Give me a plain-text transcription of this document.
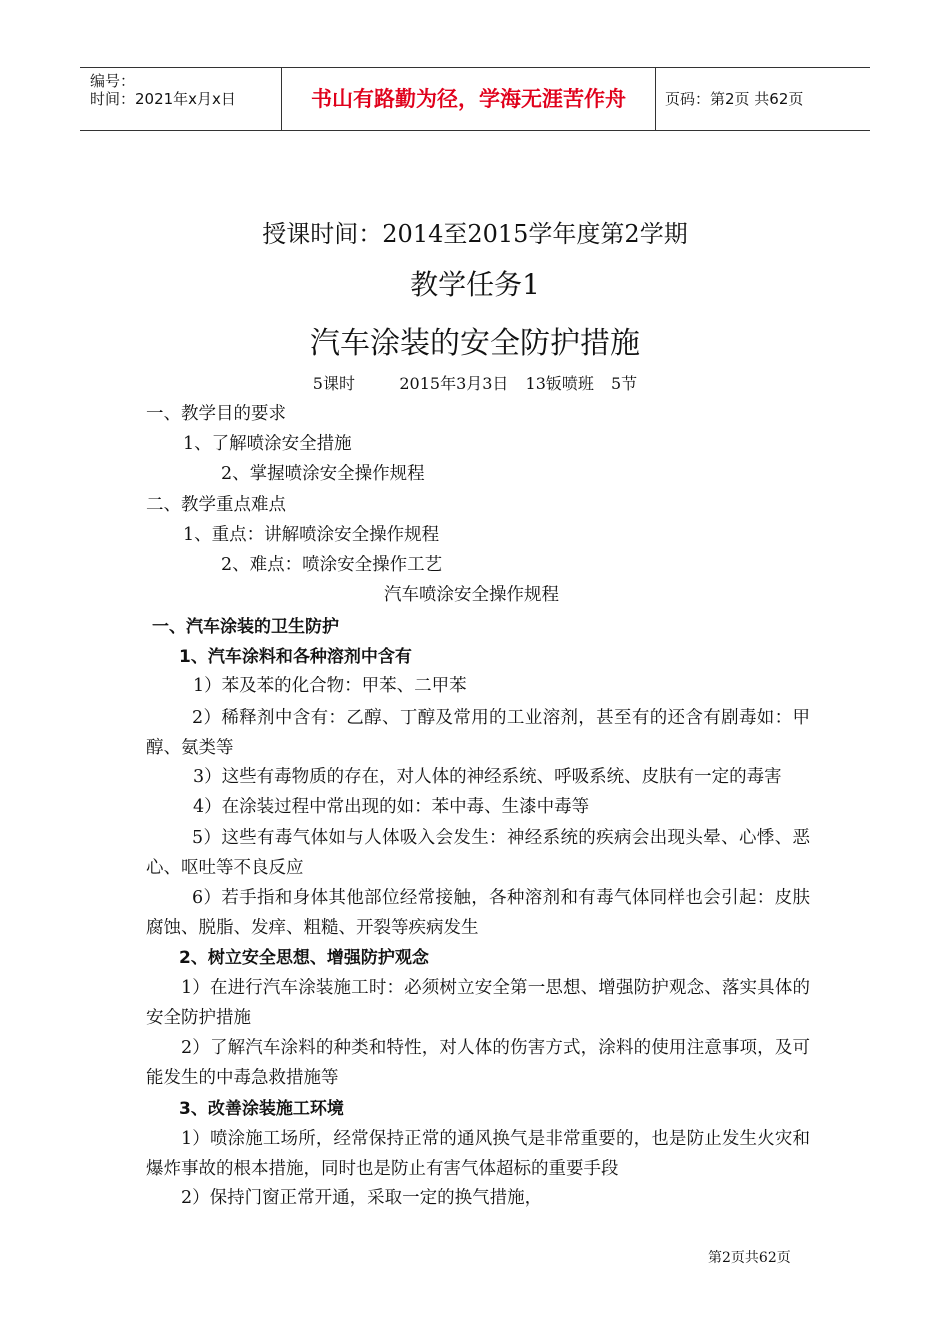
编号：
时间：2021年x月x日	书山有路勤为径，学海无涯苦作舟	页码：第2页 共62页
授课时间：2014至2015学年度第2学期
教学任务1
汽车涂装的安全防护措施
5课时	2015年3月3日 13钣喷班 5节
一、教学目的要求
1、了解喷涂安全措施
2、掌握喷涂安全操作规程
二、教学重点难点
1、重点：讲解喷涂安全操作规程
2、难点：喷涂安全操作工艺
汽车喷涂安全操作规程
一、汽车涂装的卫生防护
1、汽车涂料和各种溶剂中含有
1）苯及苯的化合物：甲苯、二甲苯
2）稀释剂中含有：乙醇、丁醇及常用的工业溶剂，甚至有的还含有剧毒如：甲醇、氨类等
3）这些有毒物质的存在，对人体的神经系统、呼吸系统、皮肤有一定的毒害
4）在涂装过程中常出现的如：苯中毒、生漆中毒等
5）这些有毒气体如与人体吸入会发生：神经系统的疾病会出现头晕、心悸、恶心、呕吐等不良反应
6）若手指和身体其他部位经常接触，各种溶剂和有毒气体同样也会引起：皮肤腐蚀、脱脂、发痒、粗糙、开裂等疾病发生
2、树立安全思想、增强防护观念
1）在进行汽车涂装施工时：必须树立安全第一思想、增强防护观念、落实具体的安全防护措施
2）了解汽车涂料的种类和特性，对人体的伤害方式，涂料的使用注意事项，及可能发生的中毒急救措施等
3、改善涂装施工环境
1）喷涂施工场所，经常保持正常的通风换气是非常重要的，也是防止发生火灾和爆炸事故的根本措施，同时也是防止有害气体超标的重要手段
2）保持门窗正常开通，采取一定的换气措施，
第2页共62页
